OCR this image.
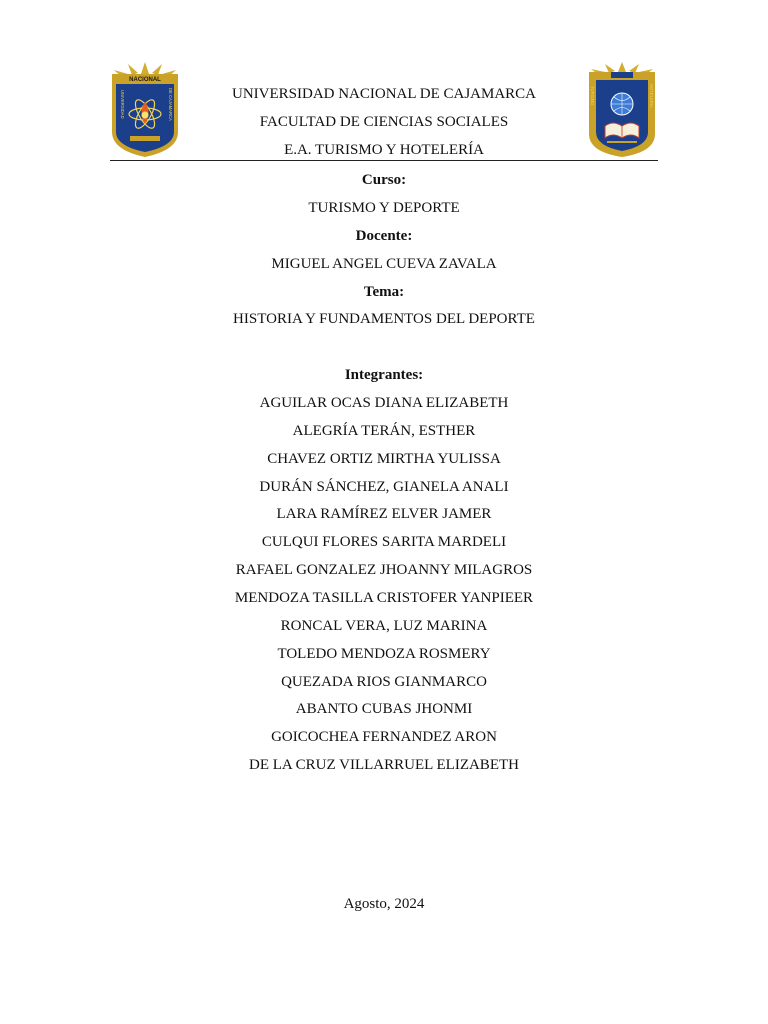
NACIONAL
UNIVERSIDAD	DE CAJAMARCA	TURISMO	HOTELERIA
UNIVERSIDAD NACIONAL DE CAJAMARCA
FACULTAD DE CIENCIAS SOCIALES
E.A. TURISMO Y HOTELERÍA
Curso:
TURISMO Y DEPORTE
Docente:
MIGUEL ANGEL CUEVA ZAVALA
Tema:
HISTORIA Y FUNDAMENTOS DEL DEPORTE
Integrantes:
AGUILAR OCAS DIANA ELIZABETH
ALEGRÍA TERÁN, ESTHER
CHAVEZ ORTIZ MIRTHA YULISSA
DURÁN SÁNCHEZ, GIANELA ANALI
LARA RAMÍREZ ELVER JAMER
CULQUI FLORES SARITA MARDELI
RAFAEL GONZALEZ JHOANNY MILAGROS
MENDOZA TASILLA CRISTOFER YANPIEER
RONCAL VERA, LUZ MARINA
TOLEDO MENDOZA ROSMERY
QUEZADA RIOS GIANMARCO
ABANTO CUBAS JHONMI
GOICOCHEA FERNANDEZ ARON
DE LA CRUZ VILLARRUEL ELIZABETH
Agosto, 2024
